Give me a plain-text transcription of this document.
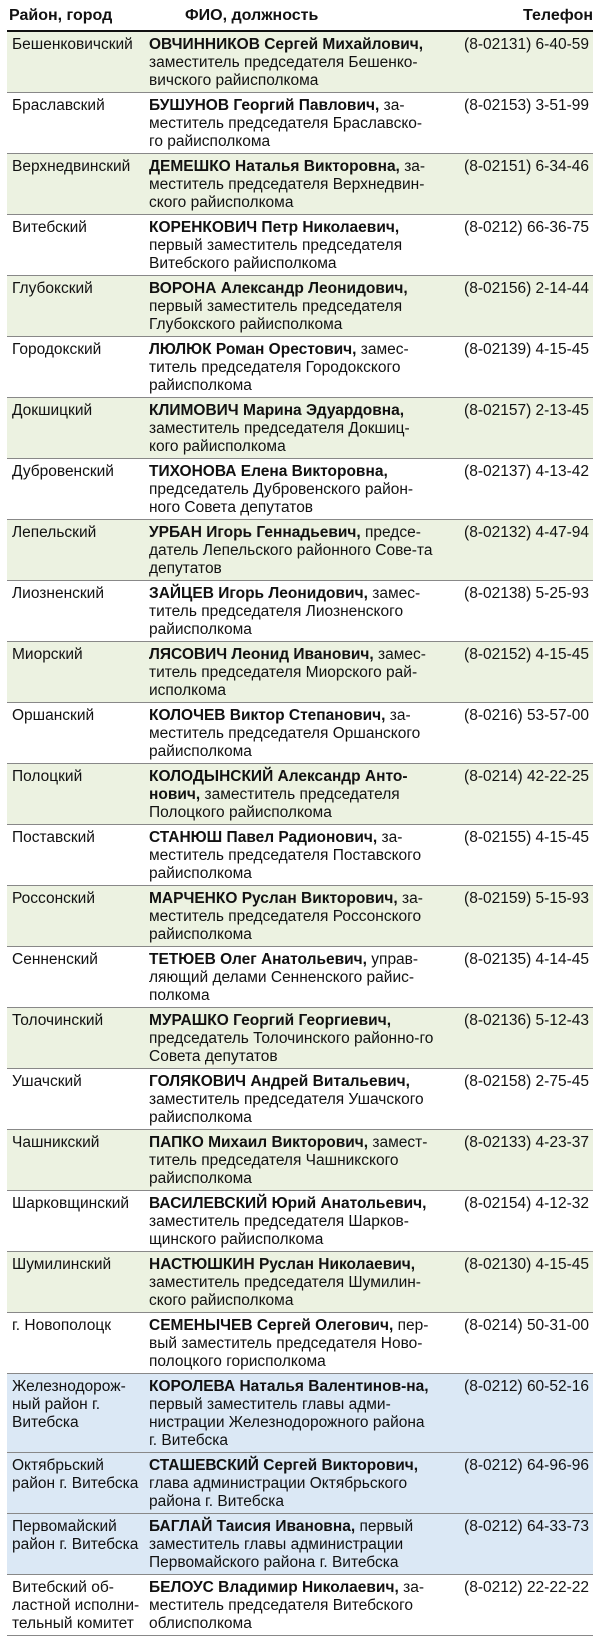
Район, город	ФИО, должность	Телефон
Бешенковичский	ОВЧИННИКОВ Сергей Михайлович, заместитель председателя Бешенко-вичского райисполкома	(8-02131) 6-40-59
Браславский	БУШУНОВ Георгий Павлович, за-меститель председателя Браславско-го райисполкома	(8-02153) 3-51-99
Верхнедвинский	ДЕМЕШКО Наталья Викторовна, за-меститель председателя Верхнедвин-ского райисполкома	(8-02151) 6-34-46
Витебский	КОРЕНКОВИЧ Петр Николаевич, первый заместитель председателя Витебского райисполкома	(8-0212) 66-36-75
Глубокский	ВОРОНА Александр Леонидович, первый заместитель председателя Глубокского райисполкома	(8-02156) 2-14-44
Городокский	ЛЮЛЮК Роман Орестович, замес-титель председателя Городокского райисполкома	(8-02139) 4-15-45
Докшицкий	КЛИМОВИЧ Марина Эдуардовна, заместитель председателя Докшиц-кого райисполкома	(8-02157) 2-13-45
Дубровенский	ТИХОНОВА Елена Викторовна, председатель Дубровенского район-ного Совета депутатов	(8-02137) 4-13-42
Лепельский	УРБАН Игорь Геннадьевич, предсе-датель Лепельского районного Сове-та депутатов	(8-02132) 4-47-94
Лиозненский	ЗАЙЦЕВ Игорь Леонидович, замес-титель председателя Лиозненского райисполкома	(8-02138) 5-25-93
Миорский	ЛЯСОВИЧ Леонид Иванович, замес-титель председателя Миорского рай-исполкома	(8-02152) 4-15-45
Оршанский	КОЛОЧЕВ Виктор Степанович, за-меститель председателя Оршанского райисполкома	(8-0216) 53-57-00
Полоцкий	КОЛОДЫНСКИЙ Александр Анто-нович, заместитель председателя Полоцкого райисполкома	(8-0214) 42-22-25
Поставский	СТАНЮШ Павел Радионович, за-меститель председателя Поставского райисполкома	(8-02155) 4-15-45
Россонский	МАРЧЕНКО Руслан Викторович, за-меститель председателя Россонского райисполкома	(8-02159) 5-15-93
Сенненский	ТЕТЮЕВ Олег Анатольевич, управ-ляющий делами Сенненского райис-полкома	(8-02135) 4-14-45
Толочинский	МУРАШКО Георгий Георгиевич, председатель Толочинского районно-го Совета депутатов	(8-02136) 5-12-43
Ушачский	ГОЛЯКОВИЧ Андрей Витальевич, заместитель председателя Ушачского райисполкома	(8-02158) 2-75-45
Чашникский	ПАПКО Михаил Викторович, замест-титель председателя Чашникского райисполкома	(8-02133) 4-23-37
Шарковщинский	ВАСИЛЕВСКИЙ Юрий Анатольевич, заместитель председателя Шарков-щинского райисполкома	(8-02154) 4-12-32
Шумилинский	НАСТЮШКИН Руслан Николаевич, заместитель председателя Шумилин-ского райисполкома	(8-02130) 4-15-45
г. Новополоцк	СЕМЕНЫЧЕВ Сергей Олегович, пер-вый заместитель председателя Ново-полоцкого горисполкома	(8-0214) 50-31-00
Железнодорож-ный район г. Витебска	КОРОЛЕВА Наталья Валентинов-на, первый заместитель главы адми-нистрации Железнодорожного района г. Витебска	(8-0212) 60-52-16
Октябрьский район г. Витебска	СТАШЕВСКИЙ Сергей Викторович, глава администрации Октябрьского района г. Витебска	(8-0212) 64-96-96
Первомайский район г. Витебска	БАГЛАЙ Таисия Ивановна, первый заместитель главы администрации Первомайского района г. Витебска	(8-0212) 64-33-73
Витебский об-ластной исполни-тельный комитет	БЕЛОУС Владимир Николаевич, за-меститель председателя Витебского облисполкома	(8-0212) 22-22-22
